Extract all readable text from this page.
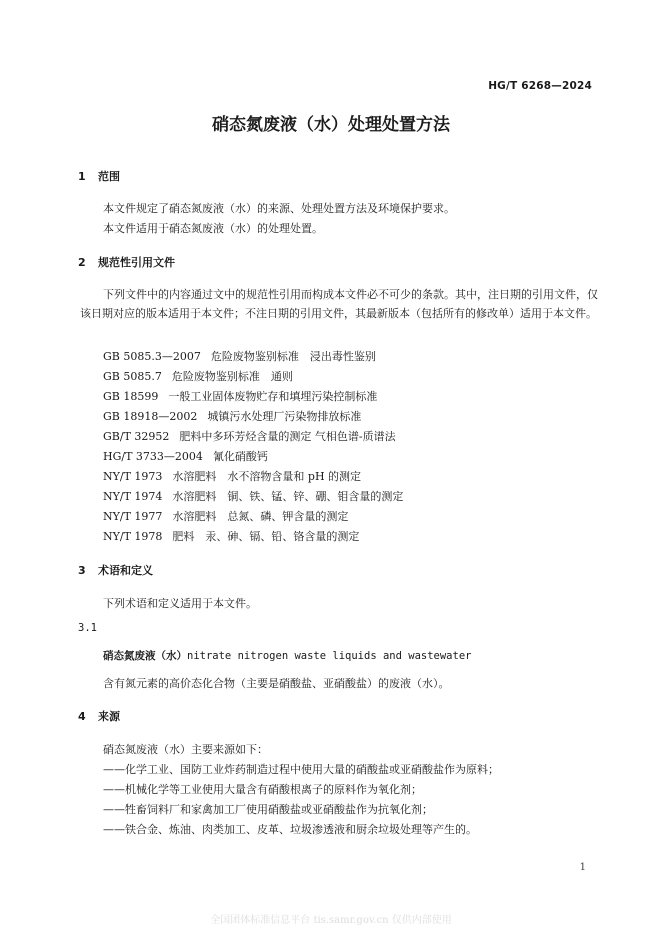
HG/T 6268—2024
硝态氮废液（水）处理处置方法
1 范围
本文件规定了硝态氮废液（水）的来源、处理处置方法及环境保护要求。
本文件适用于硝态氮废液（水）的处理处置。
2 规范性引用文件
下列文件中的内容通过文中的规范性引用而构成本文件必不可少的条款。其中，注日期的引用文件，仅该日期对应的版本适用于本文件；不注日期的引用文件，其最新版本（包括所有的修改单）适用于本文件。
GB 5085.3—2007 危险废物鉴别标准　浸出毒性鉴别
GB 5085.7 危险废物鉴别标准　通则
GB 18599 一般工业固体废物贮存和填埋污染控制标准
GB 18918—2002 城镇污水处理厂污染物排放标准
GB/T 32952 肥料中多环芳烃含量的测定 气相色谱-质谱法
HG/T 3733—2004 氰化硝酸钙
NY/T 1973 水溶肥料　水不溶物含量和 pH 的测定
NY/T 1974 水溶肥料　铜、铁、锰、锌、硼、钼含量的测定
NY/T 1977 水溶肥料　总氮、磷、钾含量的测定
NY/T 1978 肥料　汞、砷、镉、铅、铬含量的测定
3 术语和定义
下列术语和定义适用于本文件。
3.1
硝态氮废液（水）nitrate nitrogen waste liquids and wastewater
含有氮元素的高价态化合物（主要是硝酸盐、亚硝酸盐）的废液（水）。
4 来源
硝态氮废液（水）主要来源如下：
——化学工业、国防工业炸药制造过程中使用大量的硝酸盐或亚硝酸盐作为原料；
——机械化学等工业使用大量含有硝酸根离子的原料作为氧化剂；
——牲畜饲料厂和家禽加工厂使用硝酸盐或亚硝酸盐作为抗氧化剂；
——铁合金、炼油、肉类加工、皮革、垃圾渗透液和厨余垃圾处理等产生的。
1
全国团体标准信息平台 tis.samr.gov.cn 仅供内部使用
